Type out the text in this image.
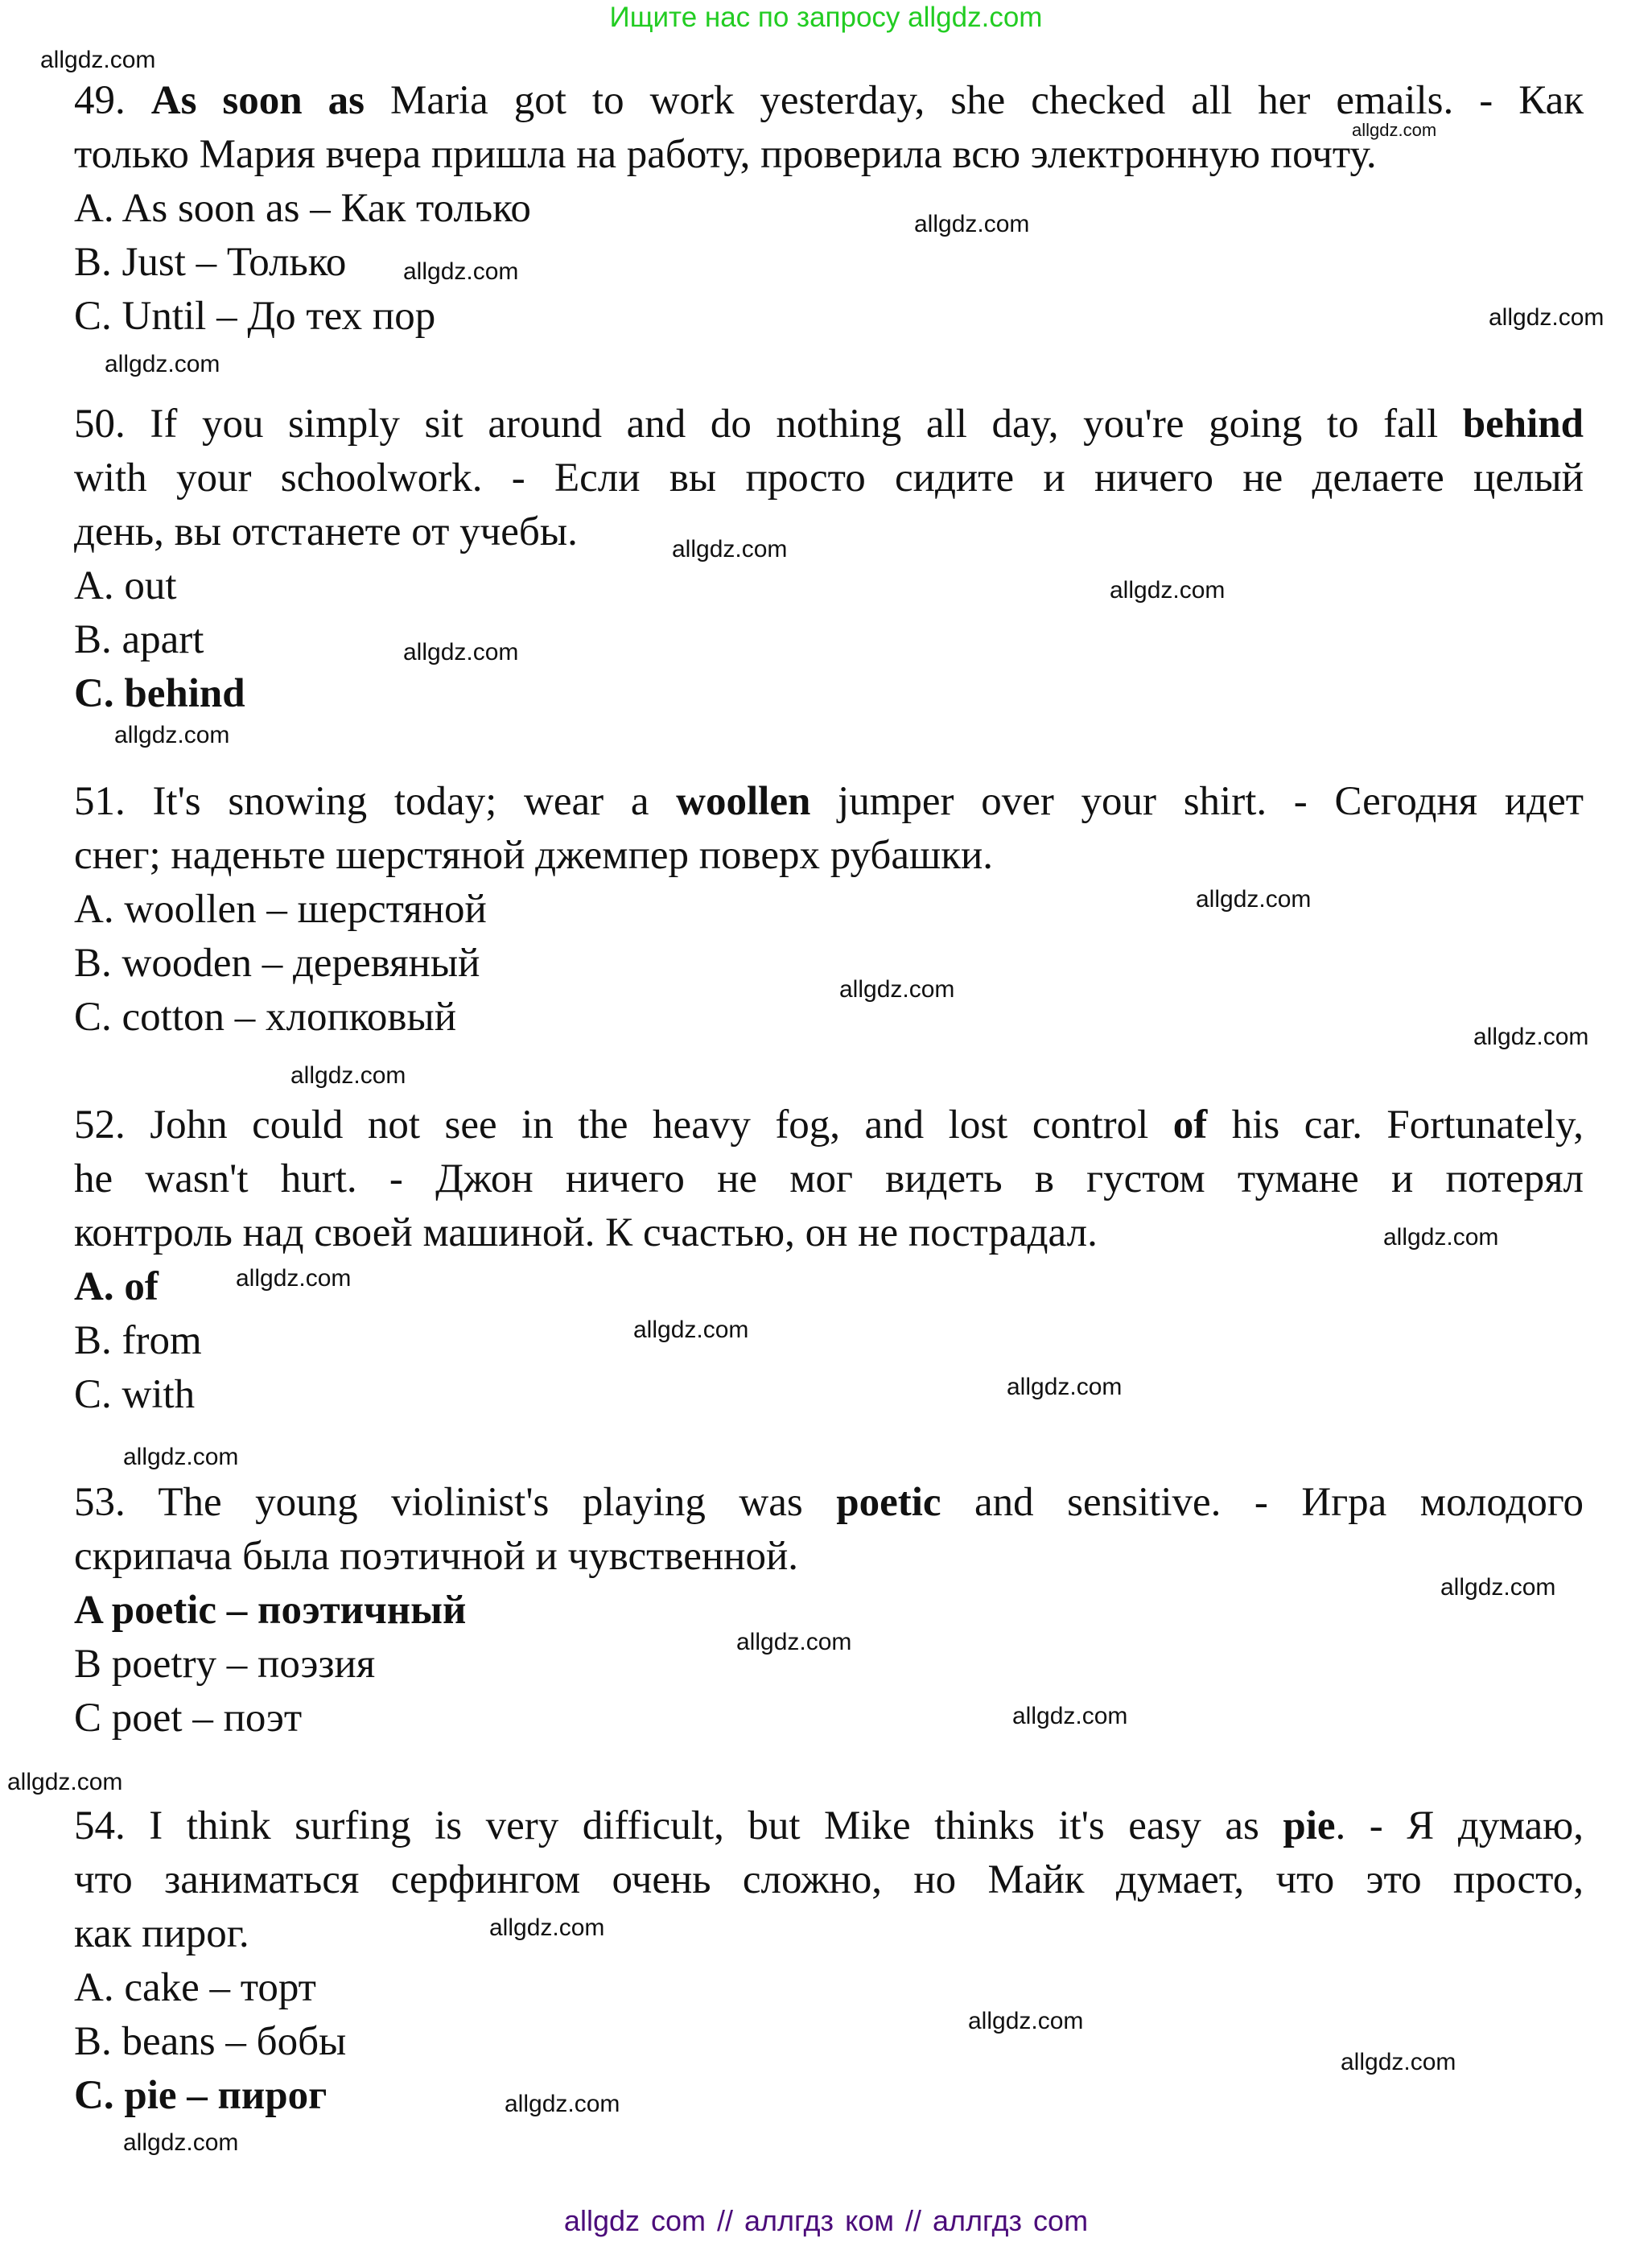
Ищите нас по запросу allgdz.com
49. As soon as Maria got to work yesterday, she checked all her emails. - Как
только Мария вчера пришла на работу, проверила всю электронную почту.
A. As soon as – Как только
B. Just – Только
C. Until – До тех пор
50. If you simply sit around and do nothing all day, you're going to fall behind
with your schoolwork. - Если вы просто сидите и ничего не делаете целый
день, вы отстанете от учебы.
A. out
B. apart
C. behind
51. It's snowing today; wear a woollen jumper over your shirt. - Сегодня идет
снег; наденьте шерстяной джемпер поверх рубашки.
A. woollen – шерстяной
B. wooden – деревяный
C. cotton – хлопковый
52. John could not see in the heavy fog, and lost control of his car. Fortunately,
he wasn't hurt. - Джон ничего не мог видеть в густом тумане и потерял
контроль над своей машиной. К счастью, он не пострадал.
A. of
B. from
C. with
53. The young violinist's playing was poetic and sensitive. - Игра молодого
скрипача была поэтичной и чувственной.
A poetic – поэтичный
B poetry – поэзия
C poet – поэт
54. I think surfing is very difficult, but Mike thinks it's easy as pie. - Я думаю,
что заниматься серфингом очень сложно, но Майк думает, что это просто,
как пирог.
A. cake – торт
B. beans – бобы
C. pie – пирог
allgdz.com
allgdz.com
allgdz.com
allgdz.com
allgdz.com
allgdz.com
allgdz.com
allgdz.com
allgdz.com
allgdz.com
allgdz.com
allgdz.com
allgdz.com
allgdz.com
allgdz.com
allgdz.com
allgdz.com
allgdz.com
allgdz.com
allgdz.com
allgdz.com
allgdz.com
allgdz.com
allgdz.com
allgdz.com
allgdz.com
allgdz.com
allgdz.com
allgdz com // аллгдз ком // аллгдз com
